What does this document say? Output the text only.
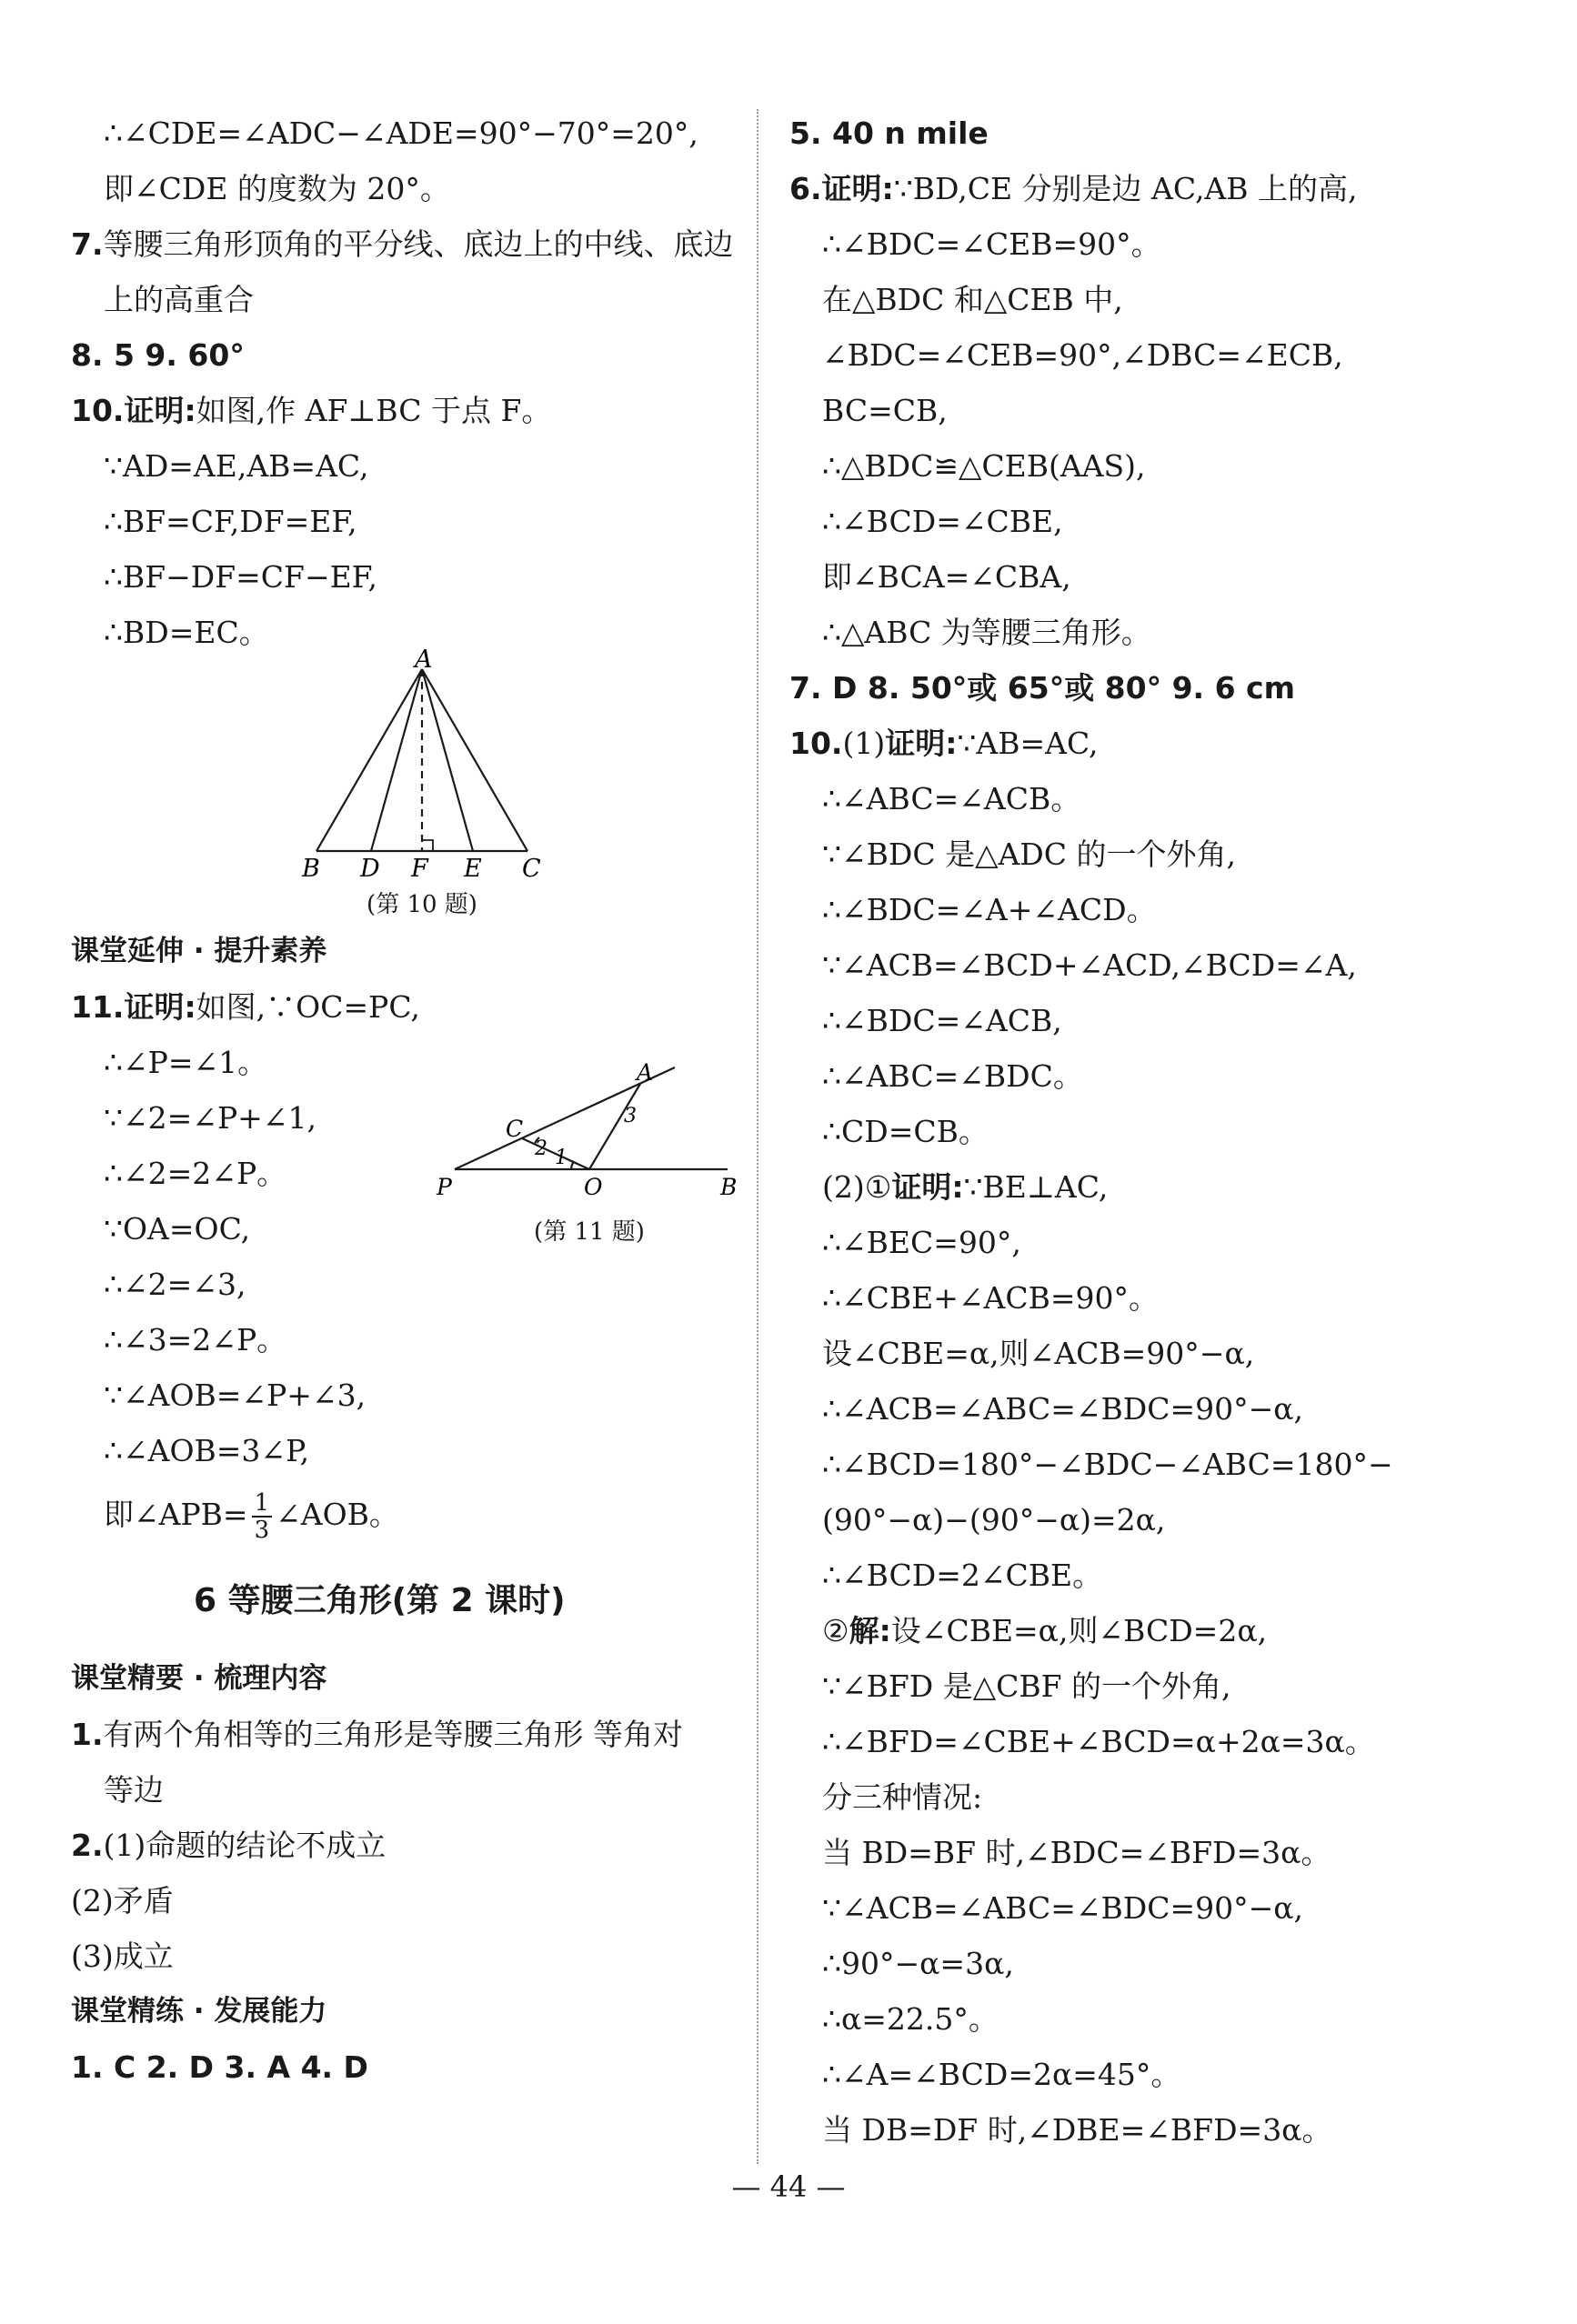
∴∠CDE=∠ADC−∠ADE=90°−70°=20°,
即∠CDE 的度数为 20°。
7.等腰三角形顶角的平分线、底边上的中线、底边
上的高重合
8. 5 9. 60°
10.证明:如图,作 AF⊥BC 于点 F。
∵AD=AE,AB=AC,
∴BF=CF,DF=EF,
∴BF−DF=CF−EF,
∴BD=EC。
A
B D F E C
(第 10 题)
课堂延伸 · 提升素养
11.证明:如图,∵OC=PC,
∴∠P=∠1。
∵∠2=∠P+∠1,
∴∠2=2∠P。
∵OA=OC,
∴∠2=∠3,
∴∠3=2∠P。
∵∠AOB=∠P+∠3,
∴∠AOB=3∠P,
A
C
P	O	B
1
2
3
(第 11 题)
即∠APB= $\frac{1}{3}$ ∠AOB。
6 等腰三角形(第 2 课时)
课堂精要 · 梳理内容
1.有两个角相等的三角形是等腰三角形 等角对
等边
2.(1)命题的结论不成立
(2)矛盾
(3)成立
课堂精练 · 发展能力
1. C 2. D 3. A 4. D
5. 40 n mile
6.证明:∵BD,CE 分别是边 AC,AB 上的高,
∴∠BDC=∠CEB=90°。
在△BDC 和△CEB 中,
∠BDC=∠CEB=90°,∠DBC=∠ECB,
BC=CB,
∴△BDC≌△CEB(AAS),
∴∠BCD=∠CBE,
即∠BCA=∠CBA,
∴△ABC 为等腰三角形。
7. D 8. 50°或 65°或 80° 9. 6 cm
10.(1)证明:∵AB=AC,
∴∠ABC=∠ACB。
∵∠BDC 是△ADC 的一个外角,
∴∠BDC=∠A+∠ACD。
∵∠ACB=∠BCD+∠ACD,∠BCD=∠A,
∴∠BDC=∠ACB,
∴∠ABC=∠BDC。
∴CD=CB。
(2)①证明:∵BE⊥AC,
∴∠BEC=90°,
∴∠CBE+∠ACB=90°。
设∠CBE=α,则∠ACB=90°−α,
∴∠ACB=∠ABC=∠BDC=90°−α,
∴∠BCD=180°−∠BDC−∠ABC=180°−
(90°−α)−(90°−α)=2α,
∴∠BCD=2∠CBE。
②解:设∠CBE=α,则∠BCD=2α,
∵∠BFD 是△CBF 的一个外角,
∴∠BFD=∠CBE+∠BCD=α+2α=3α。
分三种情况:
当 BD=BF 时,∠BDC=∠BFD=3α。
∵∠ACB=∠ABC=∠BDC=90°−α,
∴90°−α=3α,
∴α=22.5°。
∴∠A=∠BCD=2α=45°。
当 DB=DF 时,∠DBE=∠BFD=3α。
— 44 —
